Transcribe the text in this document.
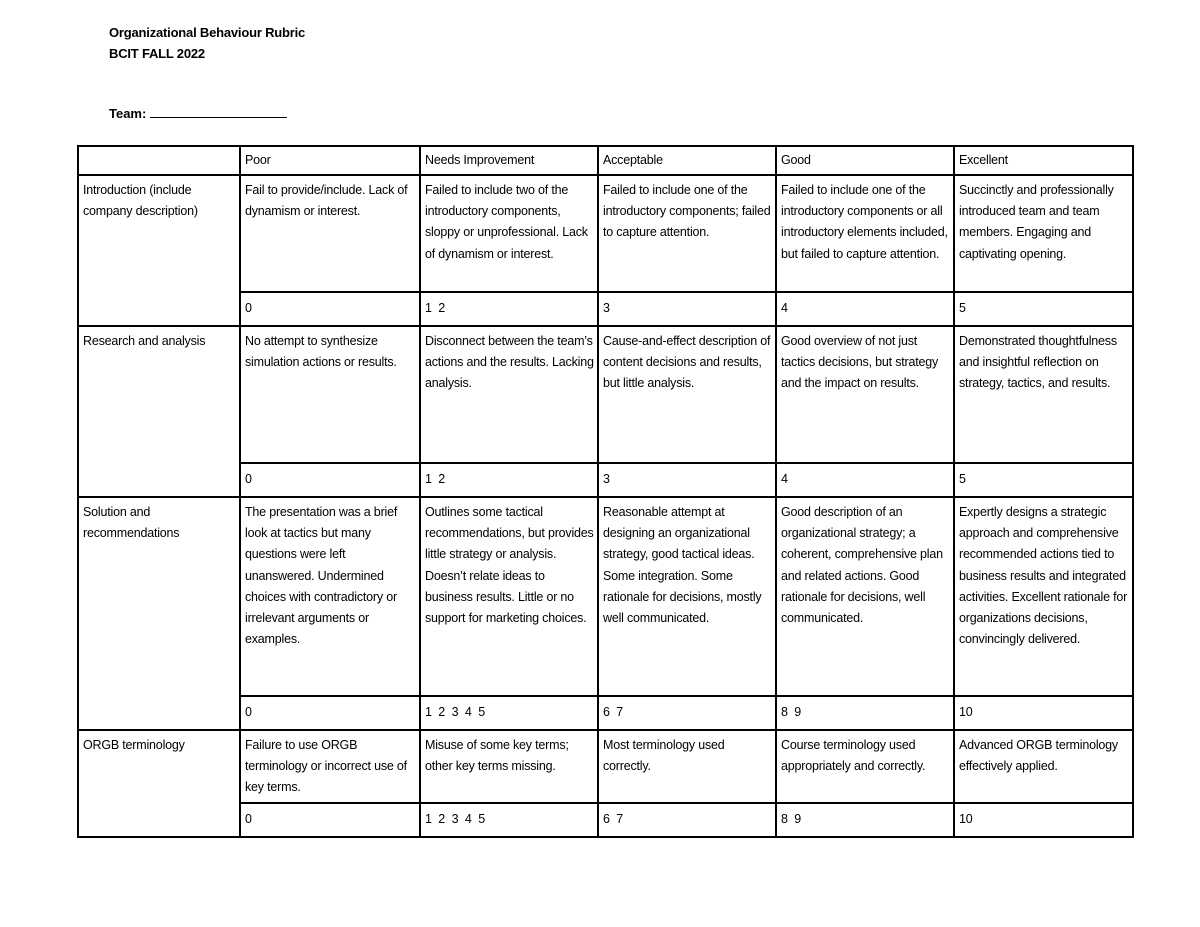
Organizational Behaviour Rubric
BCIT FALL 2022
Team:
	Poor	Needs Improvement	Acceptable	Good	Excellent
Introduction (include company description)	Fail to provide/include. Lack of dynamism or interest.	Failed to include two of the introductory components, sloppy or unprofessional. Lack of dynamism or interest.	Failed to include one of the introductory components; failed to capture attention.	Failed to include one of the introductory components or all introductory elements included, but failed to capture attention.	Succinctly and professionally introduced team and team members. Engaging and captivating opening.
	0	1  2	3	4	5
Research and analysis	No attempt to synthesize simulation actions or results.	Disconnect between the team’s actions and the results. Lacking analysis.	Cause-and-effect description of content decisions and results, but little analysis.	Good overview of not just tactics decisions, but strategy and the impact on results.	Demonstrated thoughtfulness and insightful reflection on strategy, tactics, and results.
	0	1  2	3	4	5
Solution and recommendations	The presentation was a brief look at tactics but many questions were left unanswered. Undermined choices with contradictory or irrelevant arguments or examples.	Outlines some tactical recommendations, but provides little strategy or analysis. Doesn’t relate ideas to business results. Little or no support for marketing choices.	Reasonable attempt at designing an organizational strategy, good tactical ideas. Some integration. Some rationale for decisions, mostly well communicated.	Good description of an organizational strategy; a coherent, comprehensive plan and related actions. Good rationale for decisions, well communicated.	Expertly designs a strategic approach and comprehensive recommended actions tied to business results and integrated activities. Excellent rationale for organizations decisions, convincingly delivered.
	0	1  2  3  4  5	6  7	8  9	10
ORGB terminology	Failure to use ORGB terminology or incorrect use of key terms.	Misuse of some key terms; other key terms missing.	Most terminology used correctly.	Course terminology used appropriately and correctly.	Advanced ORGB terminology effectively applied.
	0	1  2  3  4  5	6  7	8  9	10
